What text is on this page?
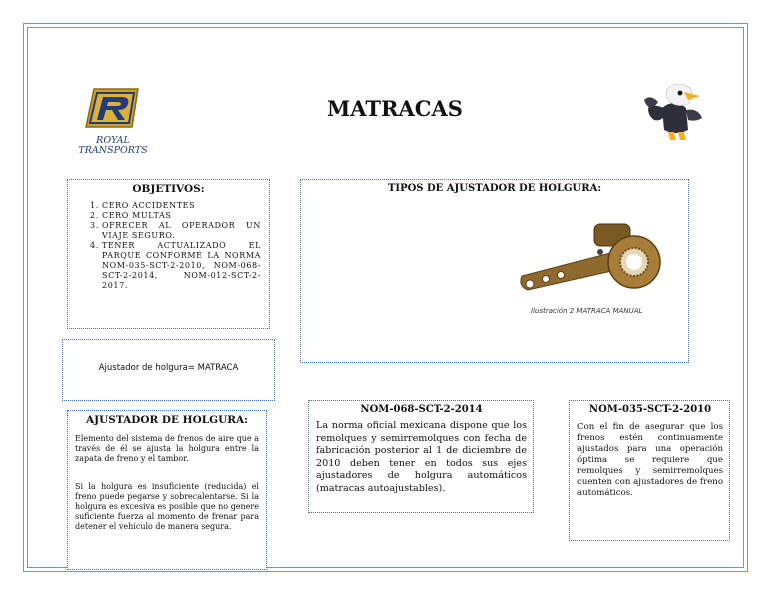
ROYAL
TRANSPORTS
MATRACAS
OBJETIVOS:
1. CERO ACCIDENTES
2. CERO MULTAS
3. OFRECER AL OPERADOR UN VIAJE SEGURO.
4. TENER ACTUALIZADO EL PARQUE CONFORME LA NORMA NOM-035-SCT-2-2010, NOM-068-SCT-2-2014, NOM-012-SCT-2-2017.
TIPOS DE AJUSTADOR DE HOLGURA:
Ilustración 2 MATRACA MANUAL
Ajustador de holgura= MATRACA
AJUSTADOR DE HOLGURA:

Elemento del sistema de frenos de aire que a través de él se ajusta la holgura entre la zapata de freno y el tambor.

Si la holgura es insuficiente (reducida) el freno puede pegarse y sobrecalentarse. Si la holgura es excesiva es posible que no genere suficiente fuerza al momento de frenar para detener el vehículo de manera segura.

NOM-068-SCT-2-2014

La norma oficial mexicana dispone que los remolques y semirremolques con fecha de fabricación posterior al 1 de diciembre de 2010 deben tener en todos sus ejes ajustadores de holgura automáticos (matracas autoajustables).

NOM-035-SCT-2-2010

Con el fin de asegurar que los frenos estén continuamente ajustados para una operación óptima se requiere que remolques y semirremolques cuenten con ajustadores de freno automáticos.
